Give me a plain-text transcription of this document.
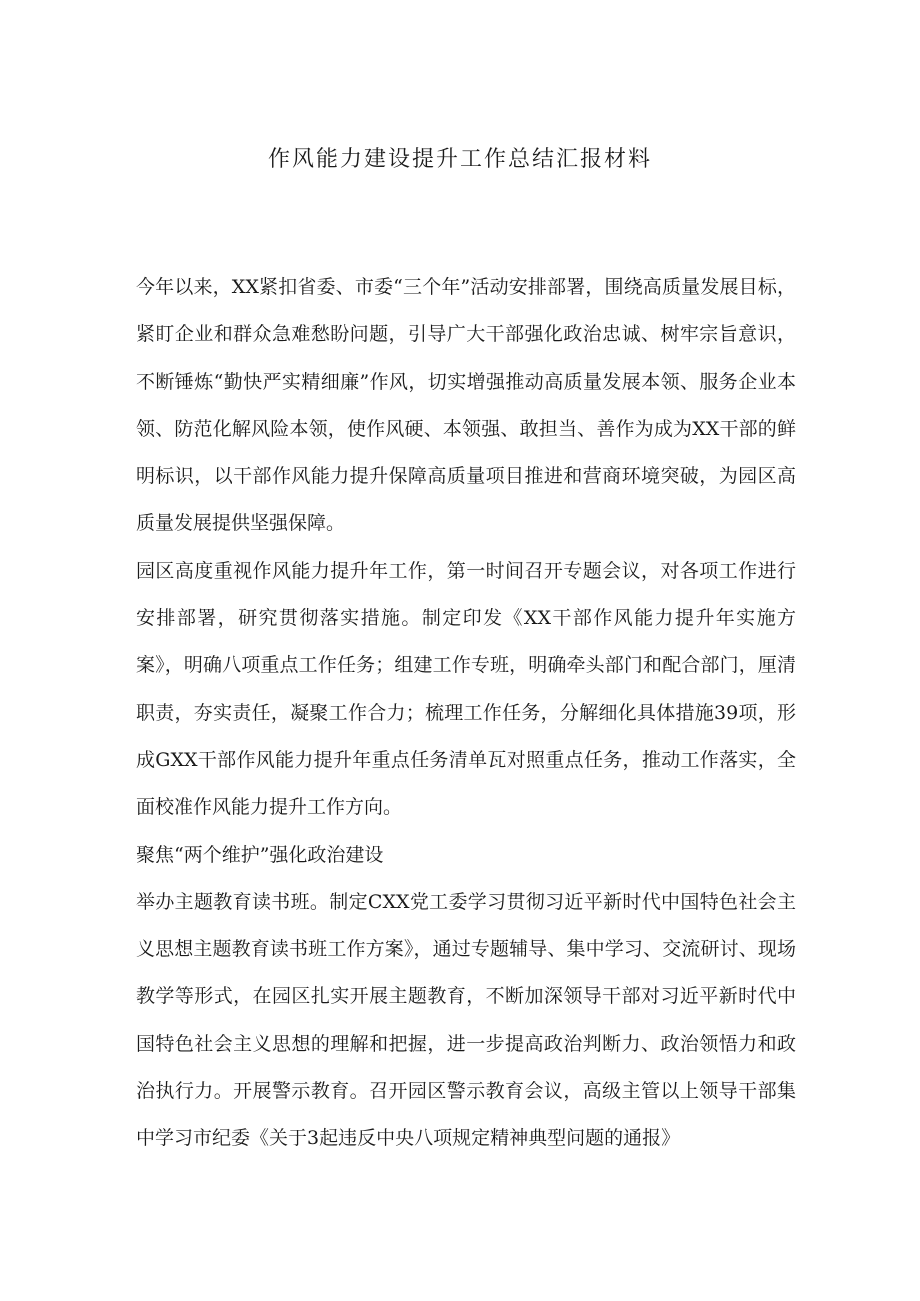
作风能力建设提升工作总结汇报材料

今年以来，XX紧扣省委、市委“三个年”活动安排部署，围绕高质量发展目标，紧盯企业和群众急难愁盼问题，引导广大干部强化政治忠诚、树牢宗旨意识，不断锤炼“勤快严实精细廉”作风，切实增强推动高质量发展本领、服务企业本领、防范化解风险本领，使作风硬、本领强、敢担当、善作为成为XX干部的鲜明标识，以干部作风能力提升保障高质量项目推进和营商环境突破，为园区高质量发展提供坚强保障。

园区高度重视作风能力提升年工作，第一时间召开专题会议，对各项工作进行安排部署，研究贯彻落实措施。制定印发《XX干部作风能力提升年实施方案》，明确八项重点工作任务；组建工作专班，明确牵头部门和配合部门，厘清职责，夯实责任，凝聚工作合力；梳理工作任务，分解细化具体措施39项，形成GXX干部作风能力提升年重点任务清单瓦对照重点任务，推动工作落实，全面校准作风能力提升工作方向。

聚焦“两个维护”强化政治建设

举办主题教育读书班。制定CXX党工委学习贯彻习近平新时代中国特色社会主义思想主题教育读书班工作方案》，通过专题辅导、集中学习、交流研讨、现场教学等形式，在园区扎实开展主题教育，不断加深领导干部对习近平新时代中国特色社会主义思想的理解和把握，进一步提高政治判断力、政治领悟力和政治执行力。开展警示教育。召开园区警示教育会议，高级主管以上领导干部集中学习市纪委《关于3起违反中央八项规定精神典型问题的通报》
